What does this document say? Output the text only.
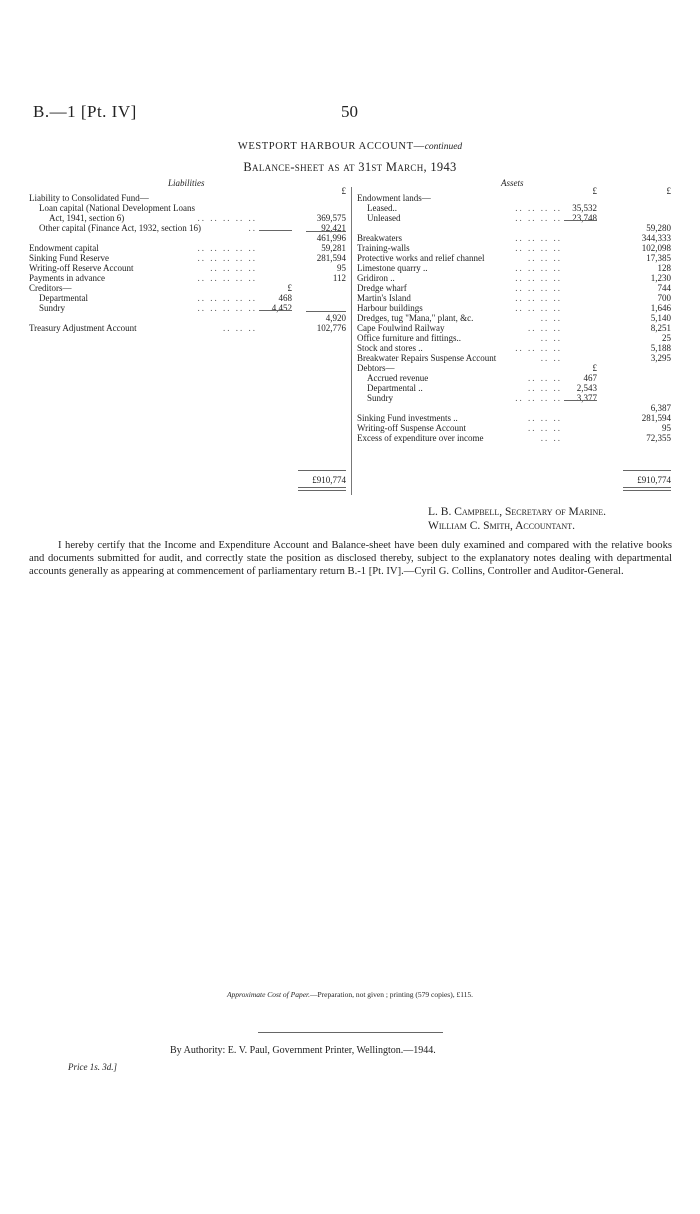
B.—1 [Pt. IV]	50
WESTPORT HARBOUR ACCOUNT—continued
Balance-sheet as at 31st March, 1943
Liabilities	Assets
£
Liability to Consolidated Fund—
Loan capital (National Development Loans
Act, 1941, section 6)	.. .. .. .. ..	369,575
Other capital (Finance Act, 1932, section 16)	..	92,421
461,996
Endowment capital	.. .. .. .. ..	59,281
Sinking Fund Reserve	.. .. .. .. ..	281,594
Writing-off Reserve Account	.. .. .. ..	95
Payments in advance	.. .. .. .. ..	112
Creditors—	£
Departmental	.. .. .. .. ..	468
Sundry	.. .. .. .. ..	4,452
4,920
Treasury Adjustment Account	.. .. ..	102,776
£910,774
£	£
Endowment lands—
Leased..	.. .. .. ..	35,532
Unleased	.. .. .. ..	23,748
59,280
Breakwaters	.. .. .. ..	344,333
Training-walls	.. .. .. ..	102,098
Protective works and relief channel	.. .. ..	17,385
Limestone quarry ..	.. .. .. ..	128
Gridiron ..	.. .. .. ..	1,230
Dredge wharf	.. .. .. ..	744
Martin's Island	.. .. .. ..	700
Harbour buildings	.. .. .. ..	1,646
Dredges, tug "Mana," plant, &c.	.. ..	5,140
Cape Foulwind Railway	.. .. ..	8,251
Office furniture and fittings..	.. ..	25
Stock and stores ..	.. .. .. ..	5,188
Breakwater Repairs Suspense Account	.. ..	3,295
Debtors—	£
Accrued revenue	.. .. ..	467
Departmental ..	.. .. ..	2,543
Sundry	.. .. .. ..	3,377
6,387
Sinking Fund investments ..	.. .. ..	281,594
Writing-off Suspense Account	.. .. ..	95
Excess of expenditure over income	.. ..	72,355
£910,774
L. B. Campbell, Secretary of Marine.
William C. Smith, Accountant.
I hereby certify that the Income and Expenditure Account and Balance-sheet have been duly examined and compared with the relative books and documents submitted for audit, and correctly state the position as disclosed thereby, subject to the explanatory notes dealing with departmental accounts generally as appearing at commencement of parliamentary return B.-1 [Pt. IV].—Cyril G. Collins, Controller and Auditor-General.
Approximate Cost of Paper.—Preparation, not given ; printing (579 copies), £115.
By Authority: E. V. Paul, Government Printer, Wellington.—1944.
Price 1s. 3d.]
